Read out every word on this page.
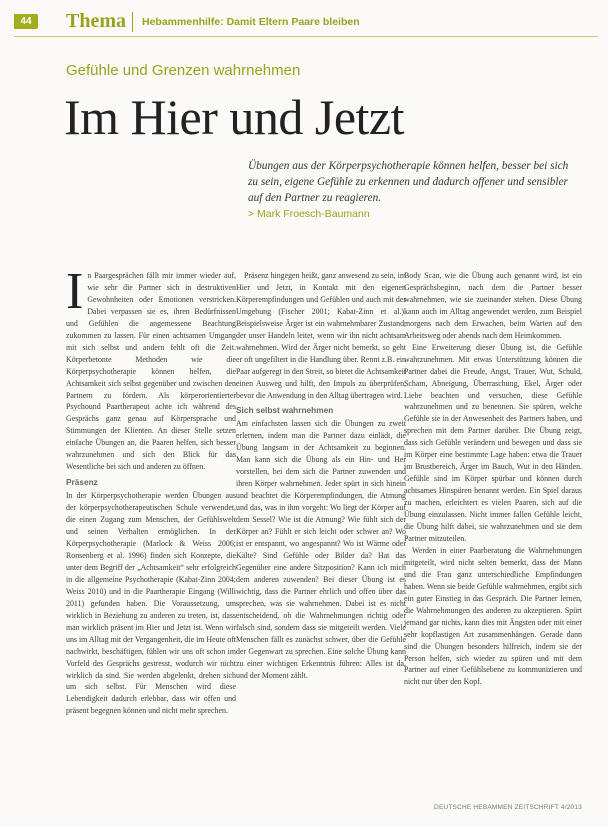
44	Thema Hebammenhilfe: Damit Eltern Paare bleiben
Gefühle und Grenzen wahrnehmen
Im Hier und Jetzt

Übungen aus der Körperpsychotherapie können helfen, besser bei sich zu sein, eigene Gefühle zu erkennen und dadurch offener und sensibler auf den Partner zu reagieren.

> Mark Froesch-Baumann

In Paargesprächen fällt mir immer wieder auf, wie sehr die Partner sich in destruktiven Gewohnheiten oder Emotionen verstricken. Dabei verpassen sie es, ihren Bedürfnissen und Gefühlen die angemessene Beachtung zukommen zu lassen. Für einen achtsamen Umgang mit sich selbst und andern fehlt oft die Zeit. Körperbetonte Methoden wie die Körperpsychotherapie können helfen, die Achtsamkeit sich selbst gegenüber und zwischen den Partnern zu fördern. Als körperorientierter Psychound Paartherapeut achte ich während des Gesprächs ganz genau auf Körpersprache und Stimmungen der Klienten. An dieser Stelle setzen einfache Übungen an, die Paaren helfen, sich besser wahrzunehmen und sich den Blick für das Wesentliche bei sich und anderen zu öffnen.

Präsenz

In der Körperpsychotherapie werden Übungen aus der körperpsychotherapeutischen Schule verwendet, die einen Zugang zum Menschen, der Gefühlswelt und seinen Verhalten ermöglichen. In der Körperpsychotherapie (Marlock & Weiss 2006; Ronsenberg et al. 1996) finden sich Konzepte, die unter dem Begriff der „Achtsamkeit“ sehr erfolgreich in die allgemeine Psychotherapie (Kabat-Zinn 2004; Weiss 2010) und in die Paartherapie Eingang (Willi 2011) gefunden haben. Die Voraussetzung, um wirklich in Beziehung zu anderen zu treten, ist, dass man wirklich präsent im Hier und Jetzt ist. Wenn wir uns im Alltag mit der Vergangenheit, die im Heute oft nachwirkt, beschäftigen, fühlen wir uns oft schon im Vorfeld des Gesprächs gestresst, wodurch wir nicht wirklich da sind. Sie werden abgelenkt, drehen sich um sich selbst. Für Menschen wird diese Lebendigkeit dadurch erlebbar, dass wir offen und präsent begegnen können und nicht mehr sprechen.

Präsenz hingegen heißt, ganz anwesend zu sein, im Hier und Jetzt, in Kontakt mit den eigenen Körperempfindungen und Gefühlen und auch mit der Umgebung (Fischer 2001; Kabat-Zinn et al.). Beispielsweise Ärger ist ein wahrnehmbarer Zustand, der unser Handeln leitet, wenn wir ihn nicht achtsam wahrnehmen. Wird der Ärger nicht bemerkt, so geht er oft ungefiltert in die Handlung über. Rennt z.B. ein Paar aufgeregt in den Streit, so bietet die Achtsamkeit einen Ausweg und hilft, den Impuls zu überprüfen, bevor die Anwendung in den Alltag übertragen wird.

Sich selbst wahrnehmen

Am einfachsten lassen sich die Übungen zu zweit erlernen, indem man die Partner dazu einlädt, die Übung langsam in der Achtsamkeit zu beginnen. Man kann sich die Übung als ein Hin- und Her vorstellen, bei dem sich die Partner zuwenden und ihren Körper wahrnehmen. Jeder spürt in sich hinein und beachtet die Körperempfindungen, die Atmung und das, was in ihm vorgeht: Wo liegt der Körper auf dem Sessel? Wie ist die Atmung? Wie fühlt sich der Körper an? Fühlt er sich leicht oder schwer an? Wo ist er entspannt, wo angespannt? Wo ist Wärme oder Kälte? Sind Gefühle oder Bilder da? Hat das Gegenüber eine andere Sitzposition? Kann ich mich dem anderen zuwenden? Bei dieser Übung ist es wichtig, dass die Partner ehrlich und offen über das sprechen, was sie wahrnehmen. Dabei ist es nicht entscheidend, ob die Wahrnehmungen richtig oder falsch sind, sondern dass sie mitgeteilt werden. Viele Menschen fällt es zunächst schwer, über die Gefühle der Gegenwart zu sprechen. Eine solche Übung kann zu einer wichtigen Erkenntnis führen: Alles ist da, und der Moment zählt.

Body Scan, wie die Übung auch genannt wird, ist ein Gesprächsbeginn, nach dem die Partner besser wahrnehmen, wie sie zueinander stehen. Diese Übung kann auch im Alltag angewendet werden, zum Beispiel morgens nach dem Erwachen, beim Warten auf den Arbeitsweg oder abends nach dem Heimkommen.

Eine Erweiterung dieser Übung ist, die Gefühle wahrzunehmen. Mit etwas Unterstützung können die Partner dabei die Freude, Angst, Trauer, Wut, Schuld, Scham, Abneigung, Überraschung, Ekel, Ärger oder Liebe beachten und versuchen, diese Gefühle wahrzunehmen und zu benennen. Sie spüren, welche Gefühle sie in der Anwesenheit des Partners haben, und sprechen mit dem Partner darüber. Die Übung zeigt, dass sich Gefühle verändern und bewegen und dass sie im Körper eine bestimmte Lage haben: etwa die Trauer im Brustbereich, Ärger im Bauch, Wut in den Händen. Gefühle sind im Körper spürbar und können durch achtsames Hinspüren benannt werden. Ein Spiel daraus zu machen, erleichtert es vielen Paaren, sich auf die Übung einzulassen. Nicht immer fallen Gefühle leicht, die Übung hilft dabei, sie wahrzunehmen und sie dem Partner mitzuteilen.

Werden in einer Paarberatung die Wahrnehmungen mitgeteilt, wird nicht selten bemerkt, dass der Mann und die Frau ganz unterschiedliche Empfindungen haben. Wenn sie beide Gefühle wahrnehmen, ergibt sich ein guter Einstieg in das Gespräch. Die Partner lernen, die Wahrnehmungen des anderen zu akzeptieren. Spürt jemand gar nichts, kann dies mit Ängsten oder mit einer sehr kopflastigen Art zusammenhängen. Gerade dann sind die Übungen besonders hilfreich, indem sie der Person helfen, sich wieder zu spüren und mit dem Partner auf einer Gefühlsebene zu kommunizieren und nicht nur über den Kopf.

DEUTSCHE HEBAMMEN ZEITSCHRIFT 4/2013
